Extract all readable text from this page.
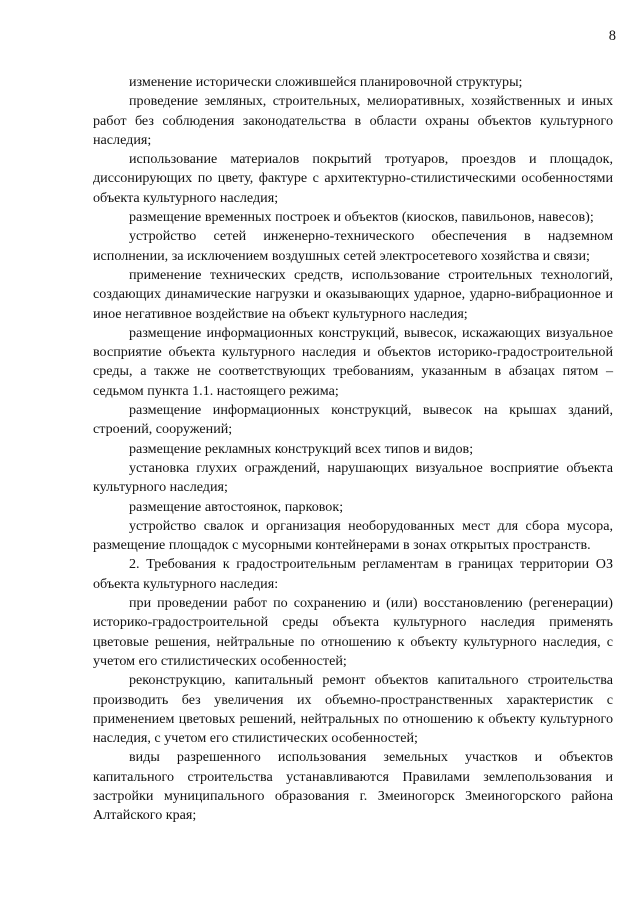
8

изменение исторически сложившейся планировочной структуры;

проведение земляных, строительных, мелиоративных, хозяйственных и иных работ без соблюдения законодательства в области охраны объектов культурного наследия;

использование материалов покрытий тротуаров, проездов и площадок, диссонирующих по цвету, фактуре с архитектурно-стилистическими особенностями объекта культурного наследия;

размещение временных построек и объектов (киосков, павильонов, навесов);

устройство сетей инженерно-технического обеспечения в надземном исполнении, за исключением воздушных сетей электросетевого хозяйства и связи;

применение технических средств, использование строительных технологий, создающих динамические нагрузки и оказывающих ударное, ударно-вибрационное и иное негативное воздействие на объект культурного наследия;

размещение информационных конструкций, вывесок, искажающих визуальное восприятие объекта культурного наследия и объектов историко-градостроительной среды, а также не соответствующих требованиям, указанным в абзацах пятом – седьмом пункта 1.1. настоящего режима;

размещение информационных конструкций, вывесок на крышах зданий, строений, сооружений;

размещение рекламных конструкций всех типов и видов;

установка глухих ограждений, нарушающих визуальное восприятие объекта культурного наследия;

размещение автостоянок, парковок;

устройство свалок и организация необорудованных мест для сбора мусора, размещение площадок с мусорными контейнерами в зонах открытых пространств.

2. Требования к градостроительным регламентам в границах территории ОЗ объекта культурного наследия:

при проведении работ по сохранению и (или) восстановлению (регенерации) историко-градостроительной среды объекта культурного наследия применять цветовые решения, нейтральные по отношению к объекту культурного наследия, с учетом его стилистических особенностей;

реконструкцию, капитальный ремонт объектов капитального строительства производить без увеличения их объемно-пространственных характеристик с применением цветовых решений, нейтральных по отношению к объекту культурного наследия, с учетом его стилистических особенностей;

виды разрешенного использования земельных участков и объектов капитального строительства устанавливаются Правилами землепользования и застройки муниципального образования г. Змеиногорск Змеиногорского района Алтайского края;
